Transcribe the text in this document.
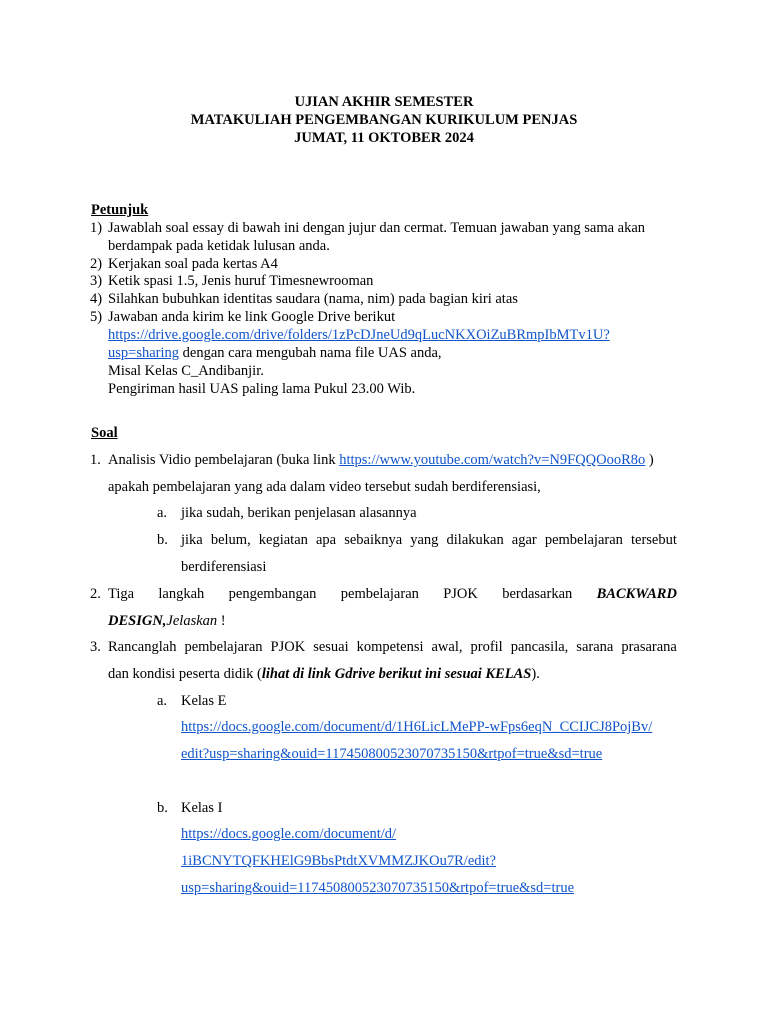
UJIAN AKHIR SEMESTER
MATAKULIAH PENGEMBANGAN KURIKULUM PENJAS
JUMAT, 11 OKTOBER 2024
Petunjuk
1) Jawablah soal essay di bawah ini dengan jujur dan cermat. Temuan jawaban yang sama akan
berdampak pada ketidak lulusan anda.
2) Kerjakan soal pada kertas A4
3) Ketik spasi 1.5, Jenis huruf Timesnewrooman
4) Silahkan bubuhkan identitas saudara (nama, nim) pada bagian kiri atas
5) Jawaban anda kirim ke link Google Drive berikut
https://drive.google.com/drive/folders/1zPcDJneUd9qLucNKXOiZuBRmpIbMTv1U?
usp=sharing dengan cara mengubah nama file UAS anda,
Misal Kelas C_Andibanjir.
Pengiriman hasil UAS paling lama Pukul 23.00 Wib.
Soal
1. Analisis Vidio pembelajaran (buka link https://www.youtube.com/watch?v=N9FQQOooR8o )
apakah pembelajaran yang ada dalam video tersebut sudah berdiferensiasi,
a. jika sudah, berikan penjelasan alasannya
b. jika belum, kegiatan apa sebaiknya yang dilakukan agar pembelajaran tersebut
berdiferensiasi
2. Tiga langkah pengembangan pembelajaran PJOK berdasarkan BACKWARD
DESIGN,Jelaskan !
3. Rancanglah pembelajaran PJOK sesuai kompetensi awal, profil pancasila, sarana prasarana
dan kondisi peserta didik (lihat di link Gdrive berikut ini sesuai KELAS).
a. Kelas E
https://docs.google.com/document/d/1H6LicLMePP-wFps6eqN_CCIJCJ8PojBv/
edit?usp=sharing&ouid=117450800523070735150&rtpof=true&sd=true
b. Kelas I
https://docs.google.com/document/d/
1iBCNYTQFKHElG9BbsPtdtXVMMZJKOu7R/edit?
usp=sharing&ouid=117450800523070735150&rtpof=true&sd=true
